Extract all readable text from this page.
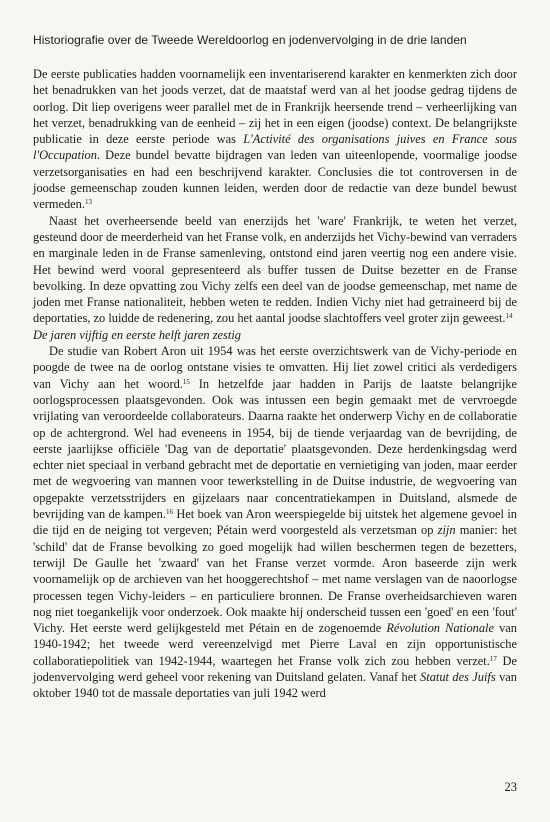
Historiografie over de Tweede Wereldoorlog en jodenvervolging in de drie landen

De eerste publicaties hadden voornamelijk een inventariserend karakter en kenmerkten zich door het benadrukken van het joods verzet, dat de maatstaf werd van al het joodse gedrag tijdens de oorlog. Dit liep overigens weer parallel met de in Frankrijk heersende trend – verheerlijking van het verzet, benadrukking van de eenheid – zij het in een eigen (joodse) context. De belangrijkste publicatie in deze eerste periode was L'Activité des organisations juives en France sous l'Occupation. Deze bundel bevatte bijdragen van leden van uiteenlopende, voormalige joodse verzetsorganisaties en had een beschrijvend karakter. Conclusies die tot controversen in de joodse gemeenschap zouden kunnen leiden, werden door de redactie van deze bundel bewust vermeden.$^{13}$

Naast het overheersende beeld van enerzijds het 'ware' Frankrijk, te weten het verzet, gesteund door de meerderheid van het Franse volk, en anderzijds het Vichy-bewind van verraders en marginale leden in de Franse samenleving, ontstond eind jaren veertig nog een andere visie. Het bewind werd vooral gepresenteerd als buffer tussen de Duitse bezetter en de Franse bevolking. In deze opvatting zou Vichy zelfs een deel van de joodse gemeenschap, met name de joden met Franse nationaliteit, hebben weten te redden. Indien Vichy niet had getraineerd bij de deportaties, zo luidde de redenering, zou het aantal joodse slachtoffers veel groter zijn geweest.$^{14}$

De jaren vijftig en eerste helft jaren zestig

De studie van Robert Aron uit 1954 was het eerste overzichtswerk van de Vichy-periode en poogde de twee na de oorlog ontstane visies te omvatten. Hij liet zowel critici als verdedigers van Vichy aan het woord.$^{15}$ In hetzelfde jaar hadden in Parijs de laatste belangrijke oorlogsprocessen plaatsgevonden. Ook was intussen een begin gemaakt met de vervroegde vrijlating van veroordeelde collaborateurs. Daarna raakte het onderwerp Vichy en de collaboratie op de achtergrond. Wel had eveneens in 1954, bij de tiende verjaardag van de bevrijding, de eerste jaarlijkse officiële 'Dag van de deportatie' plaatsgevonden. Deze herdenkingsdag werd echter niet speciaal in verband gebracht met de deportatie en vernietiging van joden, maar eerder met de wegvoering van mannen voor tewerkstelling in de Duitse industrie, de wegvoering van opgepakte verzetsstrijders en gijzelaars naar concentratiekampen in Duitsland, alsmede de bevrijding van de kampen.$^{16}$ Het boek van Aron weerspiegelde bij uitstek het algemene gevoel in die tijd en de neiging tot vergeven; Pétain werd voorgesteld als verzetsman op zijn manier: het 'schild' dat de Franse bevolking zo goed mogelijk had willen beschermen tegen de bezetters, terwijl De Gaulle het 'zwaard' van het Franse verzet vormde. Aron baseerde zijn werk voornamelijk op de archieven van het hooggerechtshof – met name verslagen van de naoorlogse processen tegen Vichy-leiders – en particuliere bronnen. De Franse overheidsarchieven waren nog niet toegankelijk voor onderzoek. Ook maakte hij onderscheid tussen een 'goed' en een 'fout' Vichy. Het eerste werd gelijkgesteld met Pétain en de zogenoemde Révolution Nationale van 1940-1942; het tweede werd vereenzelvigd met Pierre Laval en zijn opportunistische collaboratiepolitiek van 1942-1944, waartegen het Franse volk zich zou hebben verzet.$^{17}$ De jodenvervolging werd geheel voor rekening van Duitsland gelaten. Vanaf het Statut des Juifs van oktober 1940 tot de massale deportaties van juli 1942 werd

23
